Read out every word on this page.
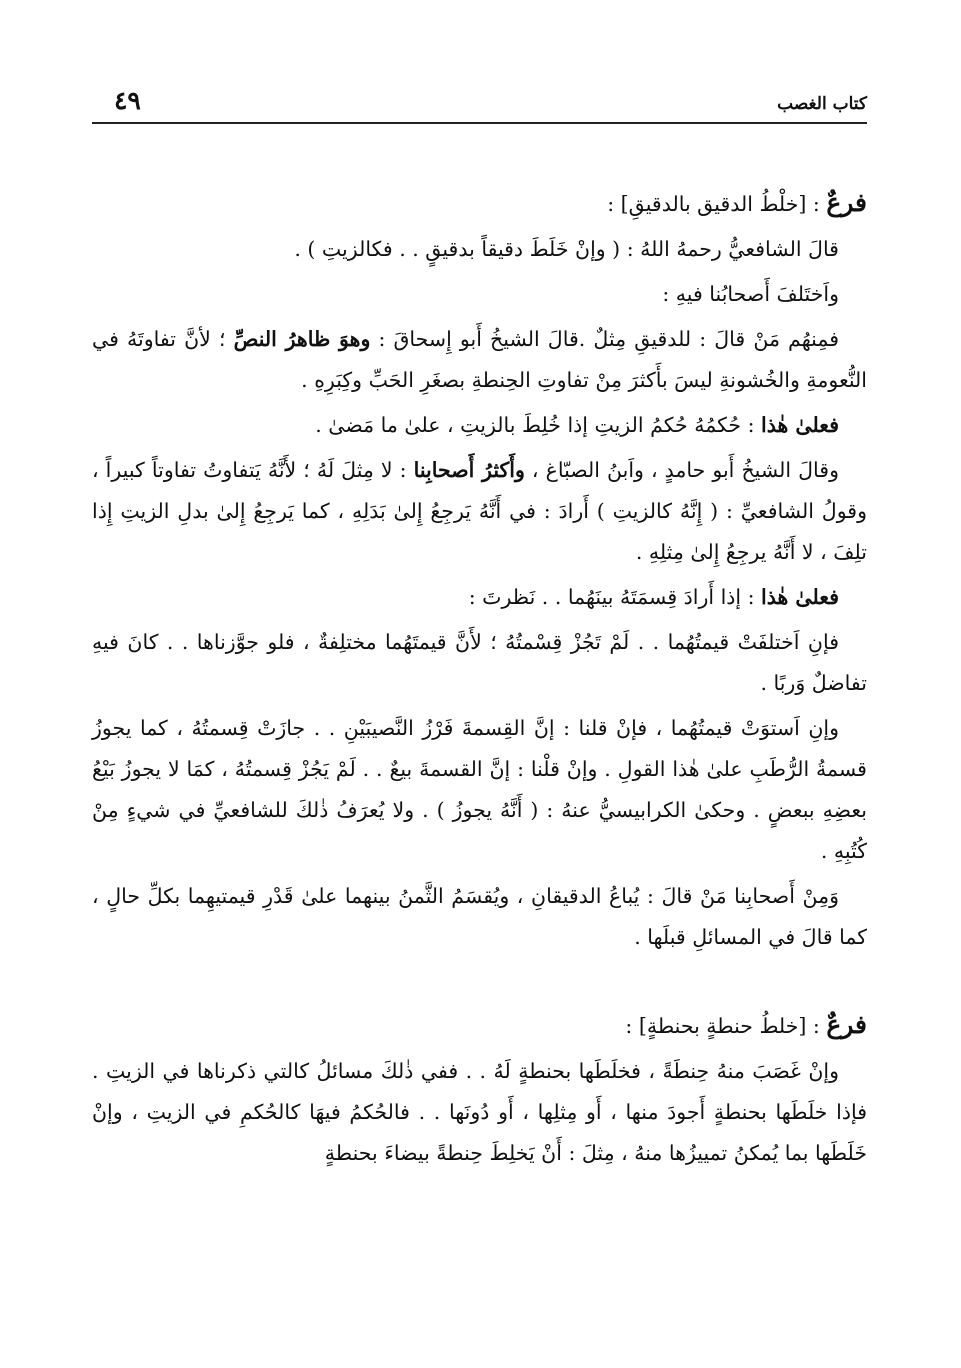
كتاب الغصب
٤٩

فرعٌ : [خلْطُ الدقيق بالدقيقِ] :

قالَ الشافعيُّ رحمهُ اللهُ : ( وإنْ خَلَطَ دقيقاً بدقيقٍ . . فكالزيتِ ) .

واَختَلفَ أَصحابُنا فيهِ :

فمِنهُم مَنْ قالَ : للدقيقِ مِثلٌ .قالَ الشيخُ أَبو إِسحاقَ : وهوَ ظاهرُ النصِّ ؛ لأنَّ تفاوتَهُ في النُّعومةِ والخُشونةِ ليسَ بأَكثرَ مِنْ تفاوتِ الحِنطةِ بصغَرِ الحَبِّ وكِبَرِهِ .

فعلىٰ هٰذا : حُكمُهُ حُكمُ الزيتِ إذا خُلِطَ بالزيتِ ، علىٰ ما مَضىٰ .

وقالَ الشيخُ أَبو حامدٍ ، واَبنُ الصبّاغ ، وأَكثرُ أَصحابِنا : لا مِثلَ لَهُ ؛ لأَنَّهُ يَتفاوتُ تفاوتاً كبيراً ، وقولُ الشافعيِّ : ( إِنَّهُ كالزيتِ ) أَرادَ : في أَنَّهُ يَرجِعُ إِلىٰ بَدَلِهِ ، كما يَرجِعُ إِلىٰ بدلِ الزيتِ إِذا تلِفَ ، لا أَنَّهُ يرجِعُ إِلىٰ مِثلِهِ .

فعلىٰ هٰذا : إذا أَرادَ قِسمَتَهُ بينَهُما . . نَظرتَ :

فإنِ اَختلفَتْ قيمتُهُما . . لَمْ تَجُزْ قِسْمتُهُ ؛ لأَنَّ قيمتَهُما مختلِفةٌ ، فلو جوَّزناها . . كانَ فيهِ تفاضلٌ وَربًا .

وإنِ اَستوَتْ قيمتُهُما ، فإنْ قلنا : إنَّ القِسمةَ فَرْزُ النَّصيبَيْنِ . . جازَتْ قِسمتُهُ ، كما يجوزُ قسمةُ الرُّطَبِ علىٰ هٰذا القولِ . وإنْ قلْنا : إنَّ القسمةَ بيعٌ . . لَمْ يَجُزْ قِسمتُهُ ، كمَا لا يجوزُ بَيْعُ بعضِهِ ببعضٍ . وحكىٰ الكرابيسيُّ عنهُ : ( أَنَّهُ يجوزُ ) . ولا يُعرَفُ ذٰلكَ للشافعيِّ في شيءٍ مِنْ كُتُبِهِ .

وَمِنْ أَصحابِنا مَنْ قالَ : يُباعُ الدقيقانِ ، ويُقسَمُ الثَّمنُ بينهما علىٰ قَدْرِ قيمتيهِما بكلِّ حالٍ ، كما قالَ في المسائلِ قبلَها .

فرعٌ : [خلطُ حنطةٍ بحنطةٍ] :

وإنْ غَصَبَ منهُ حِنطَةً ، فخلَطَها بحنطةٍ لَهُ . . ففي ذٰلكَ مسائلُ كالتي ذكرناها في الزيتِ . فإذا خلَطَها بحنطةٍ أَجودَ منها ، أَو مِثلِها ، أَو دُونَها . . فالحُكمُ فيهَا كالحُكمِ في الزيتِ ، وإنْ خَلَطَها بما يُمكنُ تمييزُها منهُ ، مِثلَ : أَنْ يَخلِطَ حِنطةً بيضاءَ بحنطةٍ
